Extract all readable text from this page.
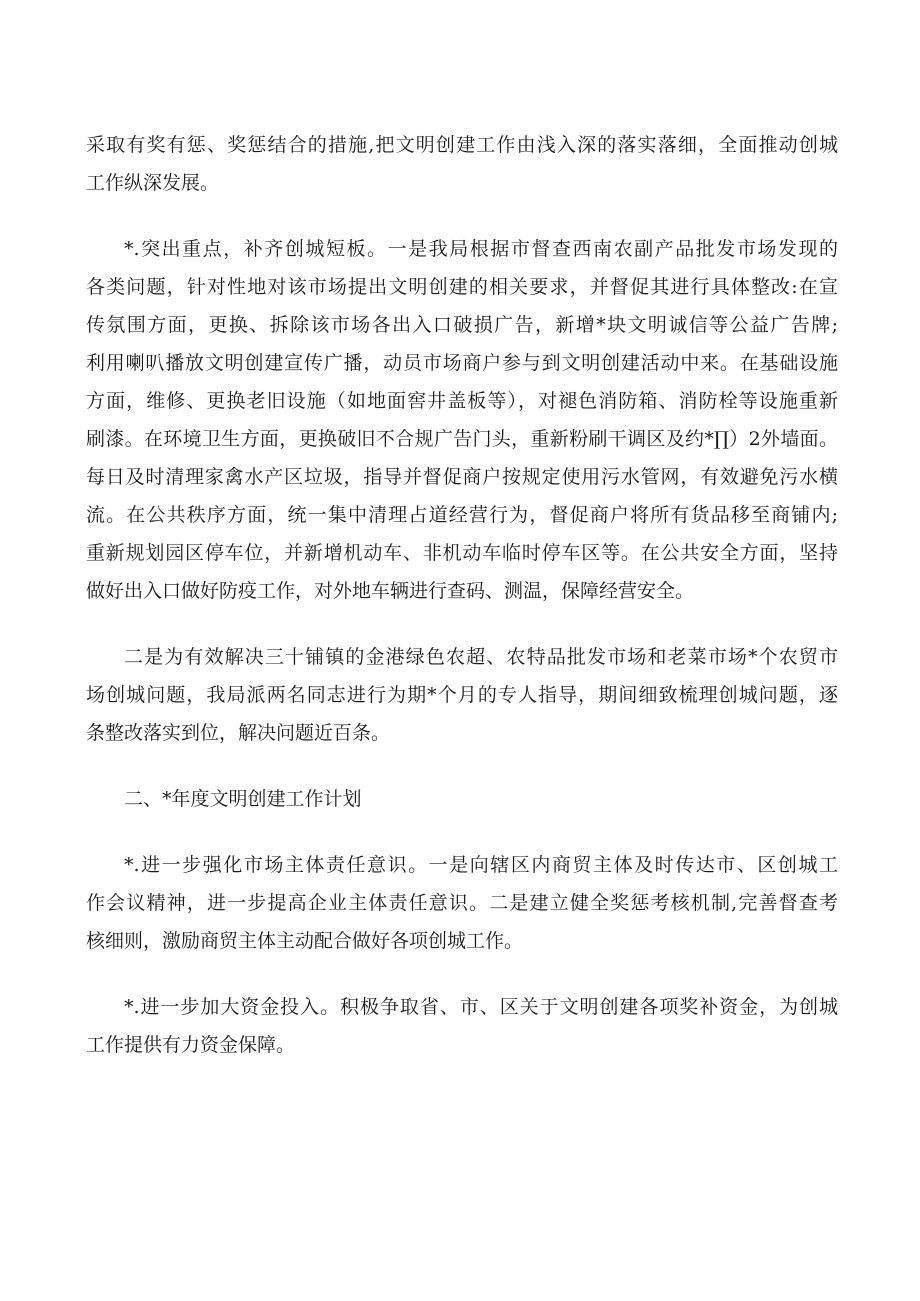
采取有奖有惩、奖惩结合的措施,把文明创建工作由浅入深的落实落细，全面推动创城
工作纵深发展。
*.突出重点，补齐创城短板。一是我局根据市督查西南农副产品批发市场发现的
各类问题，针对性地对该市场提出文明创建的相关要求，并督促其进行具体整改:在宣
传氛围方面，更换、拆除该市场各出入口破损广告，新增*块文明诚信等公益广告牌;
利用喇叭播放文明创建宣传广播，动员市场商户参与到文明创建活动中来。在基础设施
方面，维修、更换老旧设施（如地面窖井盖板等），对褪色消防箱、消防栓等设施重新
刷漆。在环境卫生方面，更换破旧不合规广告门头，重新粉刷干调区及约*∏）2外墙面。
每日及时清理家禽水产区垃圾，指导并督促商户按规定使用污水管网，有效避免污水横
流。在公共秩序方面，统一集中清理占道经营行为，督促商户将所有货品移至商铺内;
重新规划园区停车位，并新增机动车、非机动车临时停车区等。在公共安全方面，坚持
做好出入口做好防疫工作，对外地车辆进行查码、测温，保障经营安全。
二是为有效解决三十铺镇的金港绿色农超、农特品批发市场和老菜市场*个农贸市
场创城问题，我局派两名同志进行为期*个月的专人指导，期间细致梳理创城问题，逐
条整改落实到位，解决问题近百条。
二、*年度文明创建工作计划
*.进一步强化市场主体责任意识。一是向辖区内商贸主体及时传达市、区创城工
作会议精神，进一步提高企业主体责任意识。二是建立健全奖惩考核机制,完善督查考
核细则，激励商贸主体主动配合做好各项创城工作。
*.进一步加大资金投入。积极争取省、市、区关于文明创建各项奖补资金，为创城
工作提供有力资金保障。
